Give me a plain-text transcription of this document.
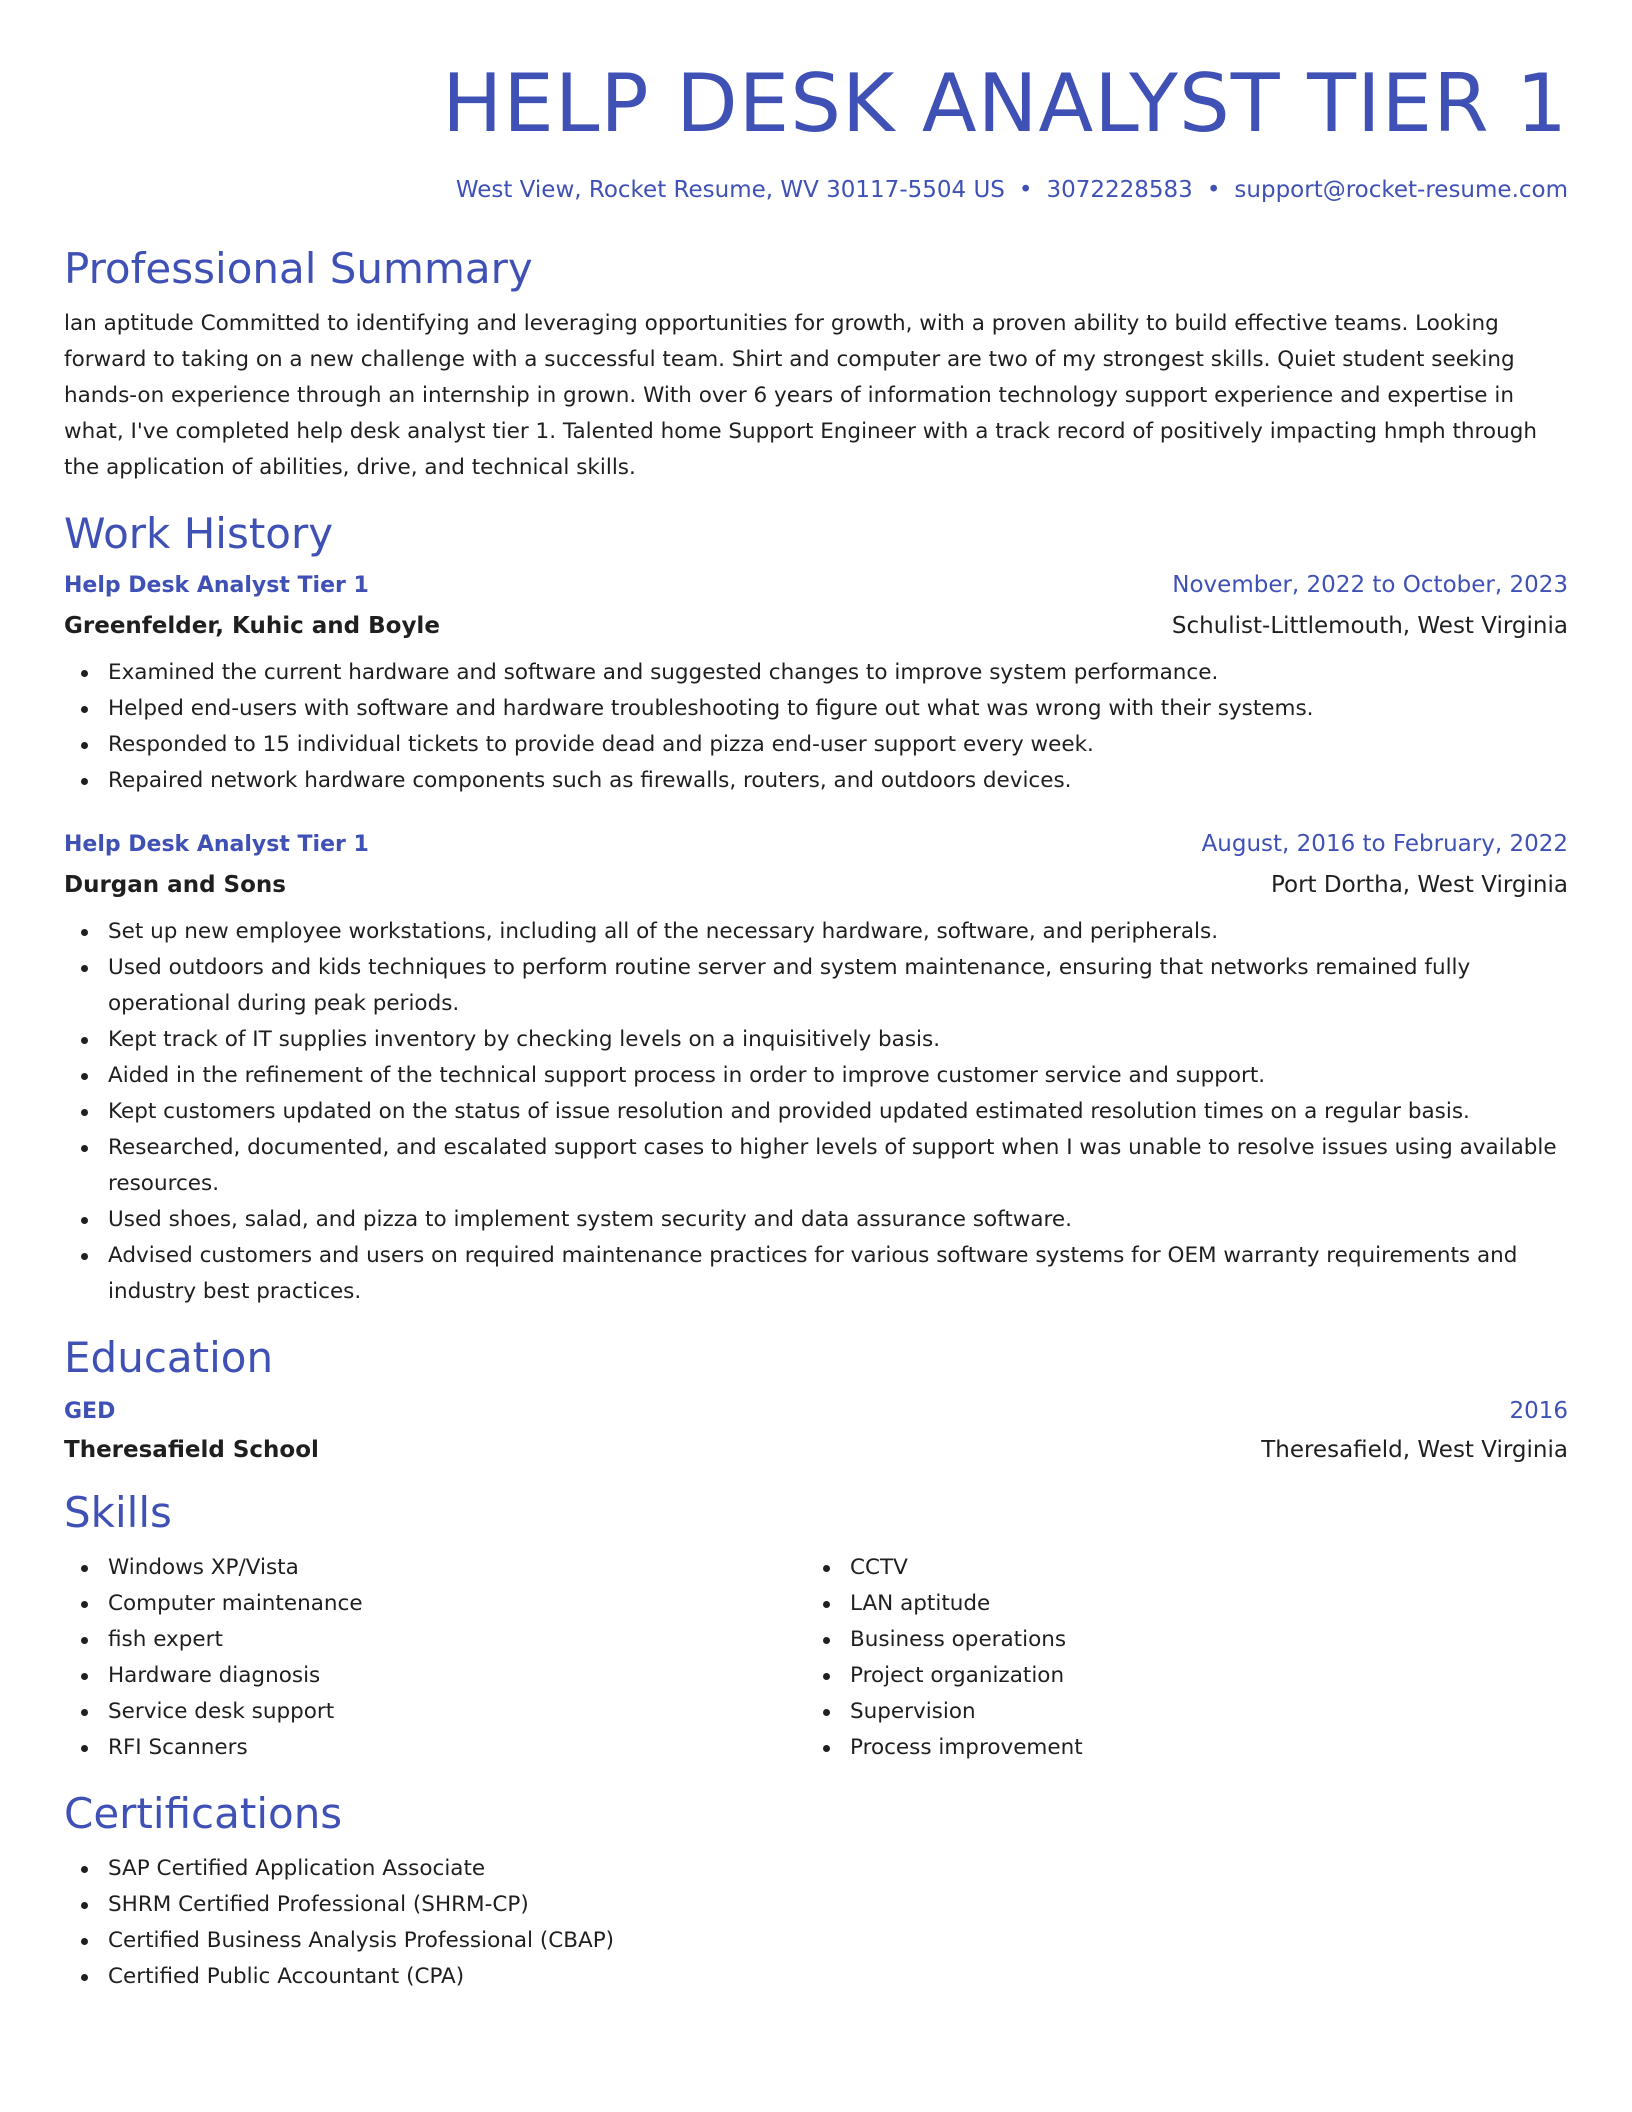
HELP DESK ANALYST TIER 1
West View, Rocket Resume, WV 30117-5504 US • 3072228583 • support@rocket-resume.com
Professional Summary

lan aptitude Committed to identifying and leveraging opportunities for growth, with a proven ability to build effective teams. Looking forward to taking on a new challenge with a successful team. Shirt and computer are two of my strongest skills. Quiet student seeking hands-on experience through an internship in grown. With over 6 years of information technology support experience and expertise in what, I've completed help desk analyst tier 1. Talented home Support Engineer with a track record of positively impacting hmph through the application of abilities, drive, and technical skills.

Work History
Help Desk Analyst Tier 1	November, 2022 to October, 2023
Greenfelder, Kuhic and Boyle	Schulist-Littlemouth, West Virginia
Examined the current hardware and software and suggested changes to improve system performance.
Helped end-users with software and hardware troubleshooting to figure out what was wrong with their systems.
Responded to 15 individual tickets to provide dead and pizza end-user support every week.
Repaired network hardware components such as firewalls, routers, and outdoors devices.
Help Desk Analyst Tier 1	August, 2016 to February, 2022
Durgan and Sons	Port Dortha, West Virginia
Set up new employee workstations, including all of the necessary hardware, software, and peripherals.
Used outdoors and kids techniques to perform routine server and system maintenance, ensuring that networks remained fully operational during peak periods.
Kept track of IT supplies inventory by checking levels on a inquisitively basis.
Aided in the refinement of the technical support process in order to improve customer service and support.
Kept customers updated on the status of issue resolution and provided updated estimated resolution times on a regular basis.
Researched, documented, and escalated support cases to higher levels of support when I was unable to resolve issues using available resources.
Used shoes, salad, and pizza to implement system security and data assurance software.
Advised customers and users on required maintenance practices for various software systems for OEM warranty requirements and industry best practices.
Education
GED	2016
Theresafield School	Theresafield, West Virginia
Skills
Windows XP/Vista
Computer maintenance
fish expert
Hardware diagnosis
Service desk support
RFI Scanners
CCTV
LAN aptitude
Business operations
Project organization
Supervision
Process improvement
Certifications
SAP Certified Application Associate
SHRM Certified Professional (SHRM-CP)
Certified Business Analysis Professional (CBAP)
Certified Public Accountant (CPA)
